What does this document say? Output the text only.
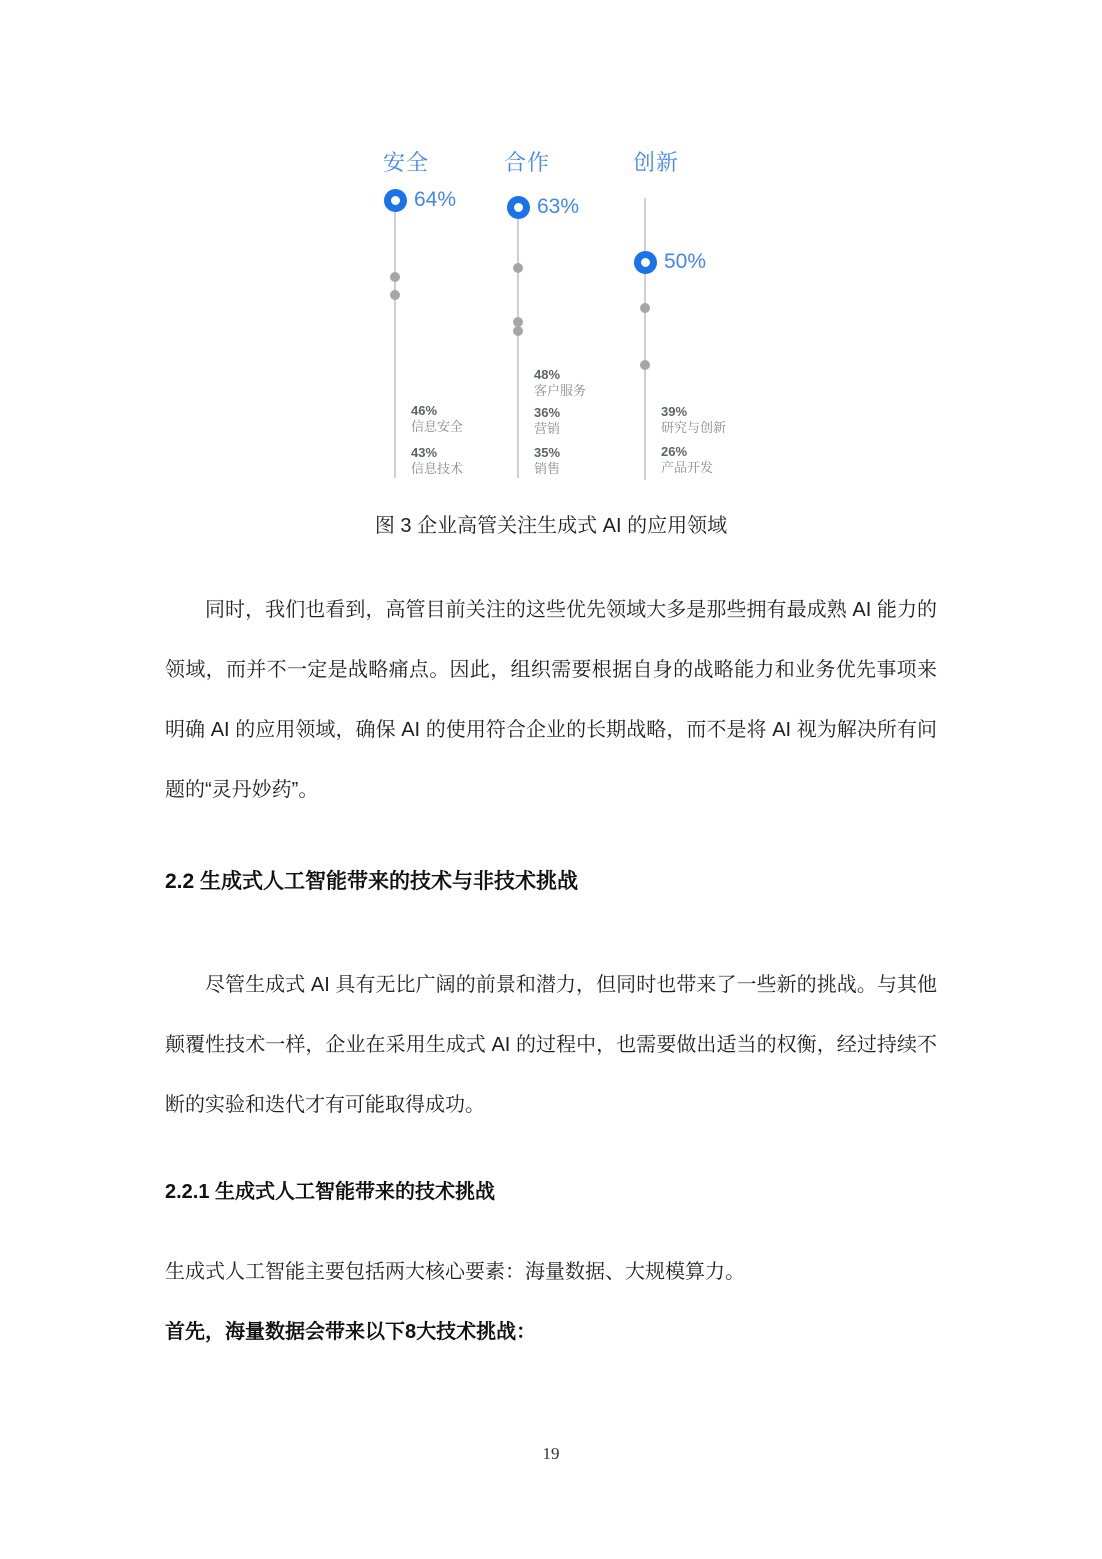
安全
64%
46%
信息安全
43%
信息技术
合作
63%
48%
客户服务
36%
营销
35%
销售
创新
50%
39%
研究与创新
26%
产品开发
图 3 企业高管关注生成式 AI 的应用领域

同时，我们也看到，高管目前关注的这些优先领域大多是那些拥有最成熟 AI 能力的领域，而并不一定是战略痛点。因此，组织需要根据自身的战略能力和业务优先事项来明确 AI 的应用领域，确保 AI 的使用符合企业的长期战略，而不是将 AI 视为解决所有问题的“灵丹妙药”。

2.2 生成式人工智能带来的技术与非技术挑战

尽管生成式 AI 具有无比广阔的前景和潜力，但同时也带来了一些新的挑战。与其他颠覆性技术一样，企业在采用生成式 AI 的过程中，也需要做出适当的权衡，经过持续不断的实验和迭代才有可能取得成功。

2.2.1 生成式人工智能带来的技术挑战

生成式人工智能主要包括两大核心要素：海量数据、大规模算力。

首先，海量数据会带来以下8大技术挑战：

19
